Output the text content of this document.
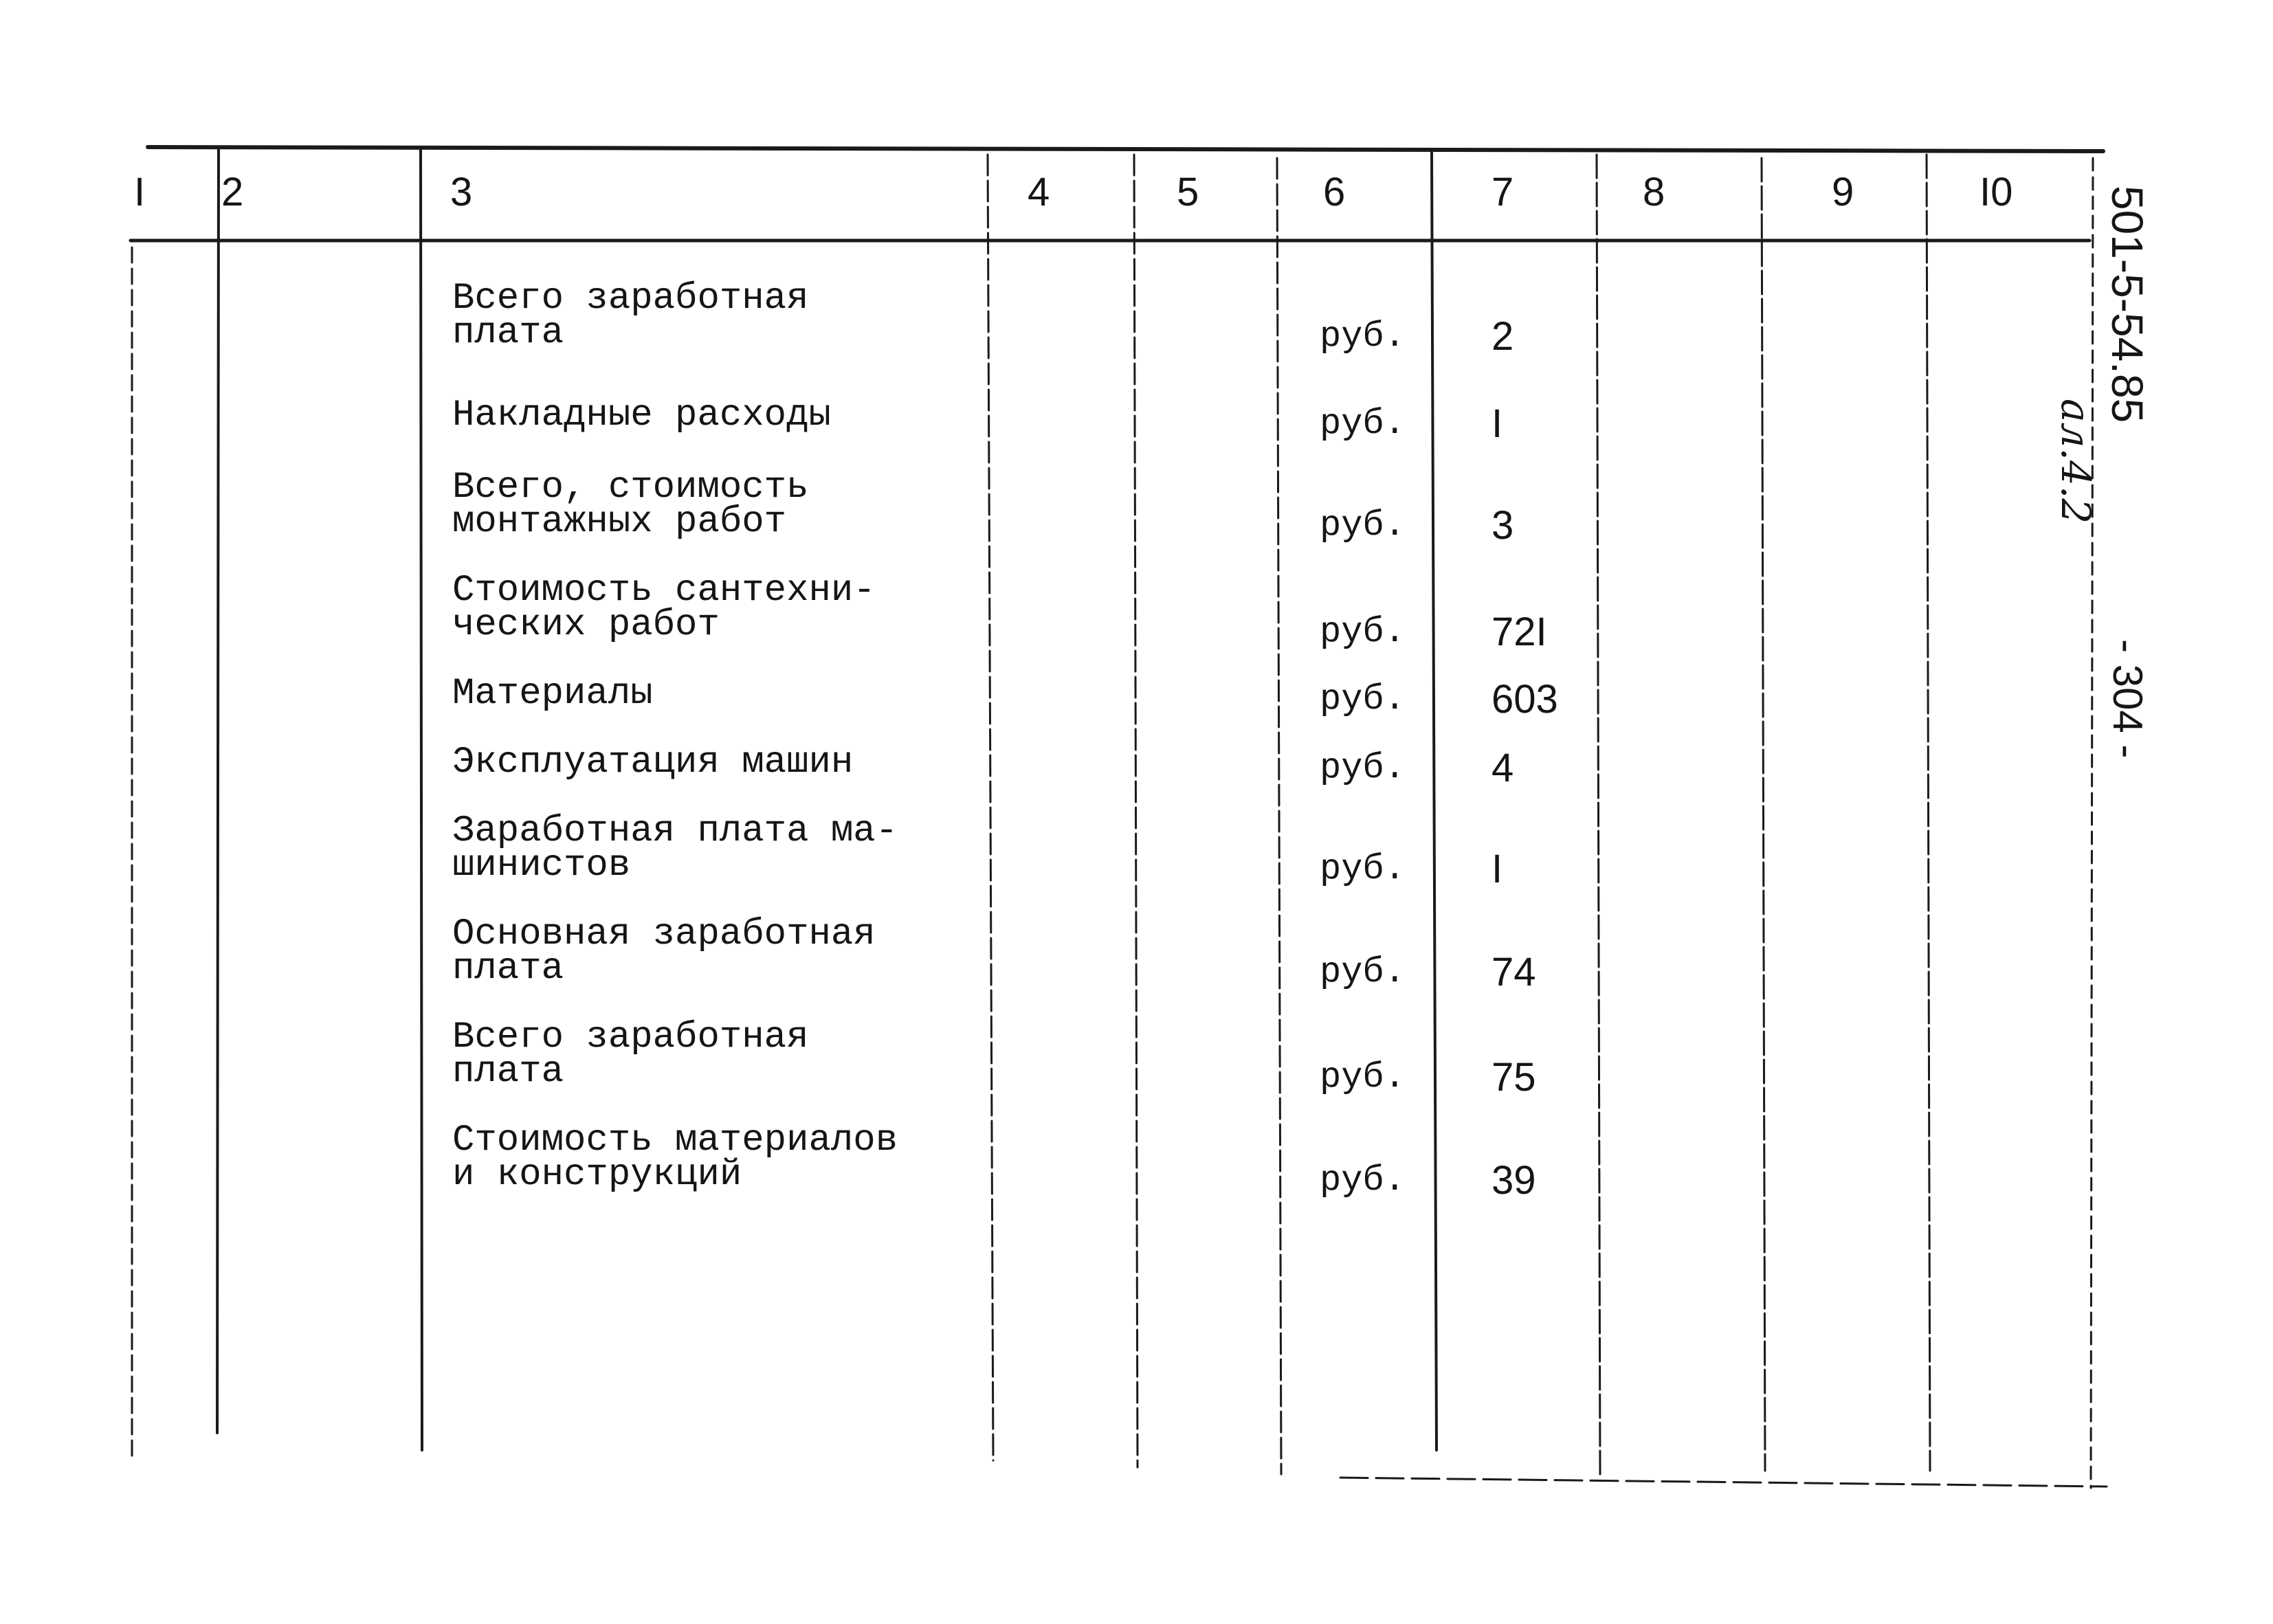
I 2	3	4	5	6	7	8	9	I0
Всего заработная
плата	руб. 2
Накладные расходы	руб. I
Всего, стоимость
монтажных работ	руб. 3
Стоимость сантехни-
ческих работ	руб. 72I
Материалы	руб. 603
Эксплуатация машин	руб. 4
Заработная плата ма-
шинистов	руб. I
Основная заработная
плата	руб. 74
Всего заработная
плата	руб. 75
Стоимость материалов
и конструкций	руб. 39
501-5-54.85
ал.4.2
- 304 -
